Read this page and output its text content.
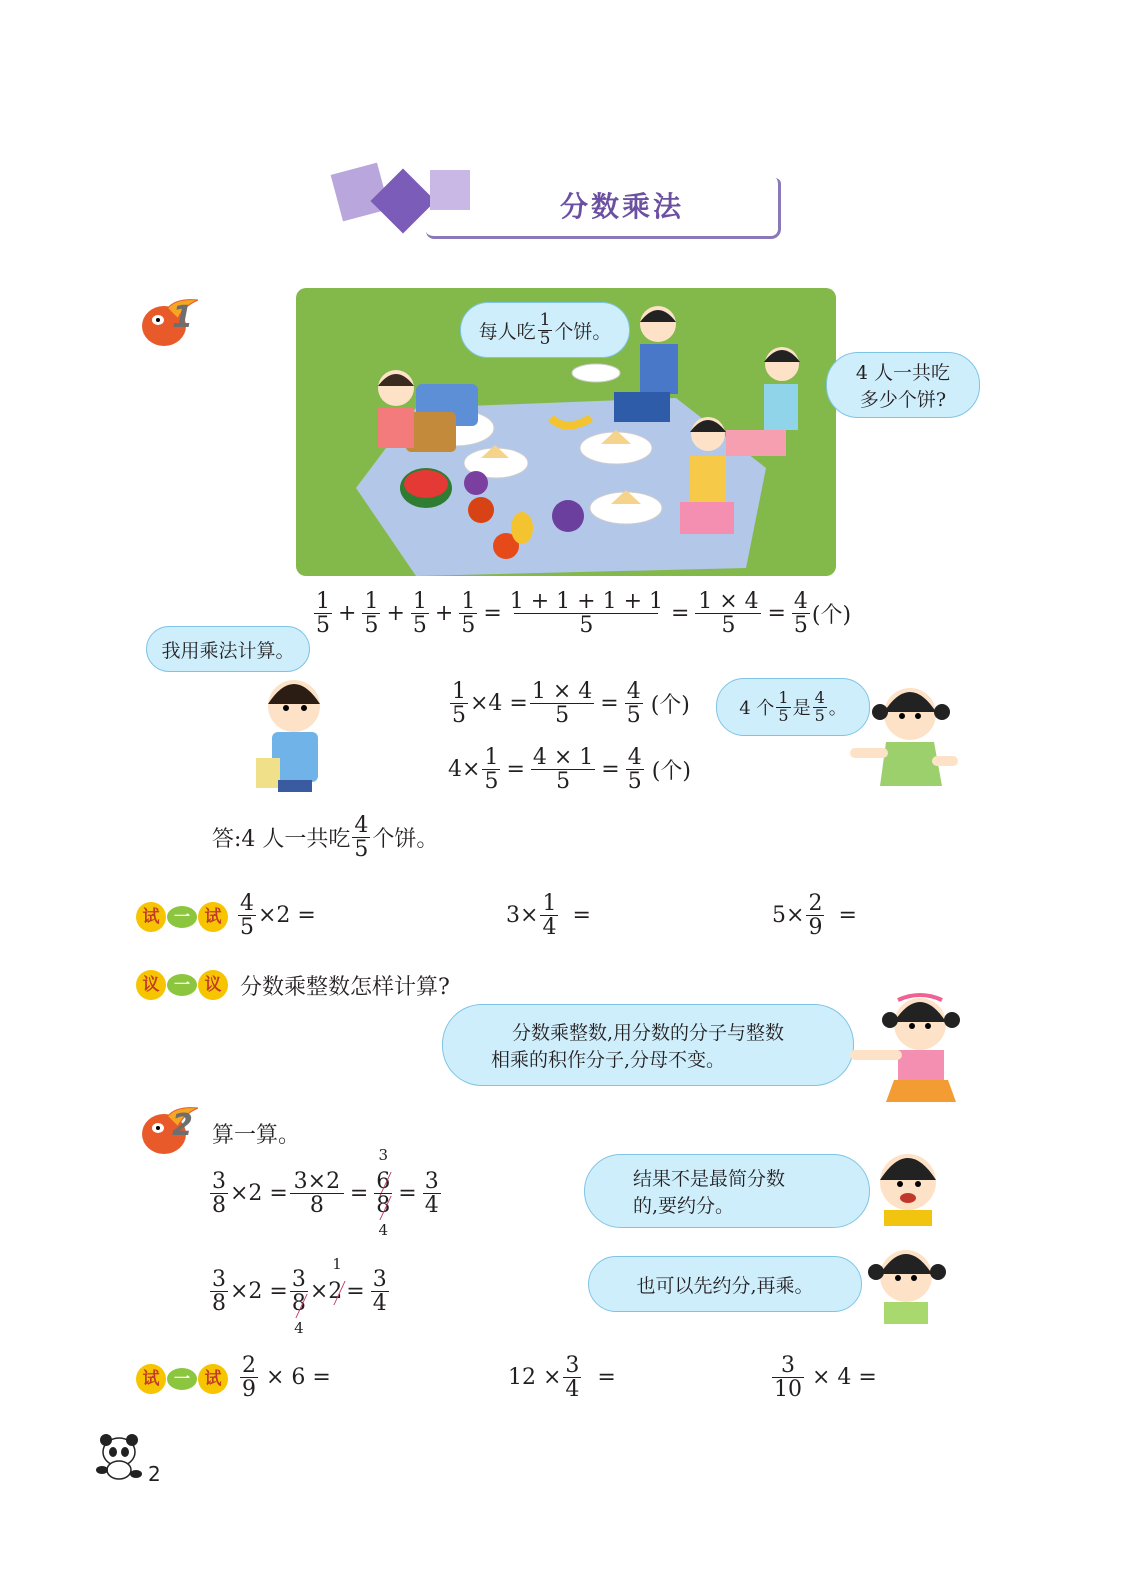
分数乘法
1	每人吃 $\frac{1}{5}$ 个饼。
4 人一共吃
多少个饼?
$\frac{1}{5} + \frac{1}{5} + \frac{1}{5} + \frac{1}{5} = \frac{1 + 1 + 1 + 1}{5} = \frac{1 \times 4}{5} = \frac{4}{5}$ (个)
我用乘法计算。
$\frac{1}{5} \times 4 = \frac{1 \times 4}{5} = \frac{4}{5}$ (个)
$4\times \frac{1}{5} = \frac{4 \times 1}{5} = \frac{4}{5}$ (个)
4 个 $\frac{1}{5}$ 是 $\frac{4}{5}$ 。
答:4 人一共吃 $\frac{4}{5}$ 个饼。
试 一 试 $\frac{4}{5} \times 2$ =	$3\times \frac{1}{4}$ =	$5\times \frac{2}{9}$ =
议 一 议 分数乘整数怎样计算?
分数乘整数,用分数的分子与整数
相乘的积作分子,分母不变。
2 算一算。
$\frac{3}{8} \times 2 = \frac{3\times 2}{8}$ =
3
6
8
4
= $\frac{3}{4}$
$\frac{3}{8} \times 2 = 3$
8
4
×
1
$2 = \frac{3}{4}$
结果不是最简分数
的,要约分。
也可以先约分,再乘。
试 一 试 $\frac{2}{9} \times 6$ =	$12 \times \frac{3}{4}$ =	$\frac{3}{10} \times 4$ =
2
